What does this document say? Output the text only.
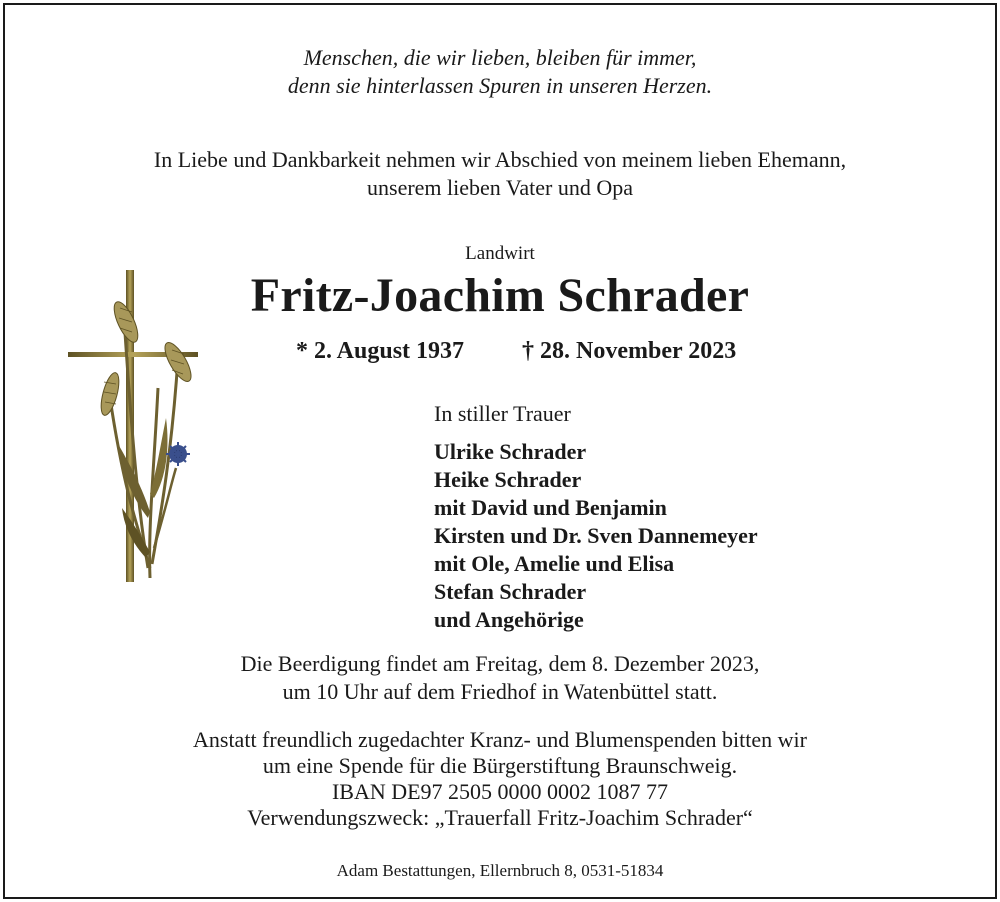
Menschen, die wir lieben, bleiben für immer,
denn sie hinterlassen Spuren in unseren Herzen.
In Liebe und Dankbarkeit nehmen wir Abschied von meinem lieben Ehemann,
unserem lieben Vater und Opa
Landwirt
Fritz-Joachim Schrader
* 2. August 1937 † 28. November 2023
In stiller Trauer
Ulrike Schrader
Heike Schrader
mit David und Benjamin
Kirsten und Dr. Sven Dannemeyer
mit Ole, Amelie und Elisa
Stefan Schrader
und Angehörige
Die Beerdigung findet am Freitag, dem 8. Dezember 2023,
um 10 Uhr auf dem Friedhof in Watenbüttel statt.
Anstatt freundlich zugedachter Kranz- und Blumenspenden bitten wir
um eine Spende für die Bürgerstiftung Braunschweig.
IBAN DE97 2505 0000 0002 1087 77
Verwendungszweck: „Trauerfall Fritz-Joachim Schrader“
Adam Bestattungen, Ellernbruch 8, 0531-51834
